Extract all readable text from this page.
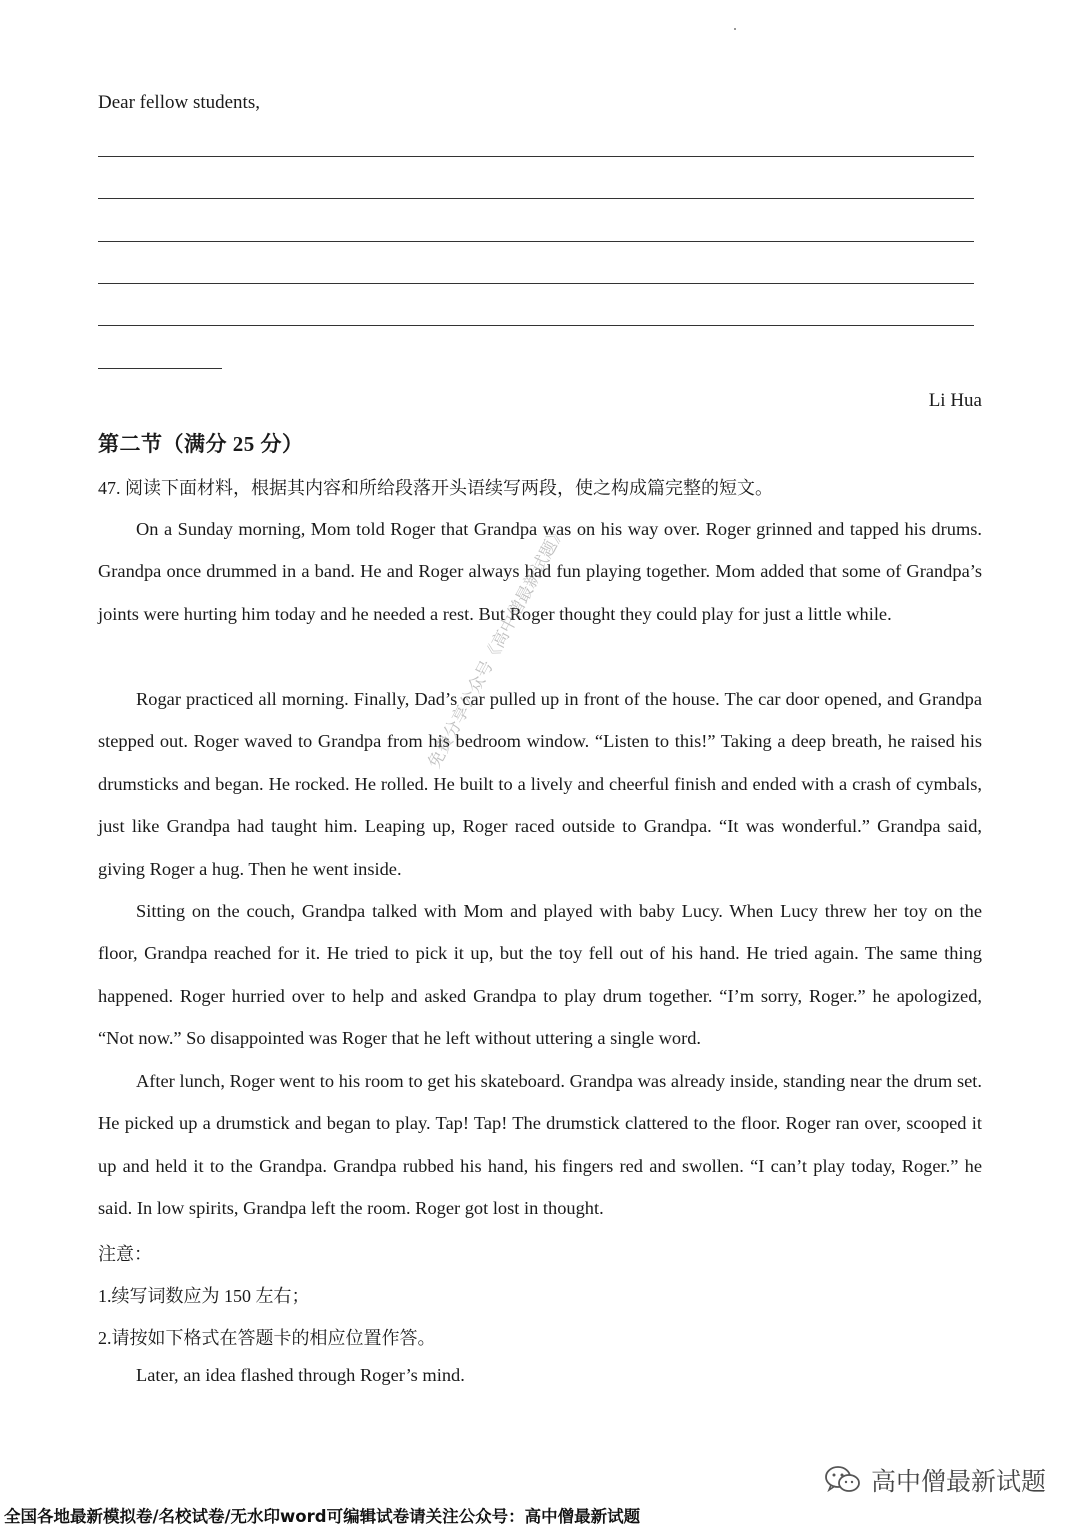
Dear fellow students,
Li Hua
第二节（满分 25 分）
47. 阅读下面材料，根据其内容和所给段落开头语续写两段，使之构成篇完整的短文。

On a Sunday morning, Mom told Roger that Grandpa was on his way over. Roger grinned and tapped his drums. Grandpa once drummed in a band. He and Roger always had fun playing together. Mom added that some of Grandpa’s joints were hurting him today and he needed a rest. But Roger thought they could play for just a little while.

Rogar practiced all morning. Finally, Dad’s car pulled up in front of the house. The car door opened, and Grandpa stepped out. Roger waved to Grandpa from his bedroom window. “Listen to this!” Taking a deep breath, he raised his drumsticks and began. He rocked. He rolled. He built to a lively and cheerful finish and ended with a crash of cymbals, just like Grandpa had taught him. Leaping up, Roger raced outside to Grandpa. “It was wonderful.” Grandpa said, giving Roger a hug. Then he went inside.

Sitting on the couch, Grandpa talked with Mom and played with baby Lucy. When Lucy threw her toy on the floor, Grandpa reached for it. He tried to pick it up, but the toy fell out of his hand. He tried again. The same thing happened. Roger hurried over to help and asked Grandpa to play drum together. “I’m sorry, Roger.” he apologized, “Not now.” So disappointed was Roger that he left without uttering a single word.

After lunch, Roger went to his room to get his skateboard. Grandpa was already inside, standing near the drum set. He picked up a drumstick and began to play. Tap! Tap! The drumstick clattered to the floor. Roger ran over, scooped it up and held it to the Grandpa. Grandpa rubbed his hand, his fingers red and swollen. “I can’t play today, Roger.” he said. In low spirits, Grandpa left the room. Roger got lost in thought.

注意：
1.续写词数应为 150 左右；
2.请按如下格式在答题卡的相应位置作答。
Later, an idea flashed through Roger’s mind.
免费分享公众号《高中僧最新试题》
高中僧最新试题
全国各地最新模拟卷/名校试卷/无水印word可编辑试卷请关注公众号：高中僧最新试题
